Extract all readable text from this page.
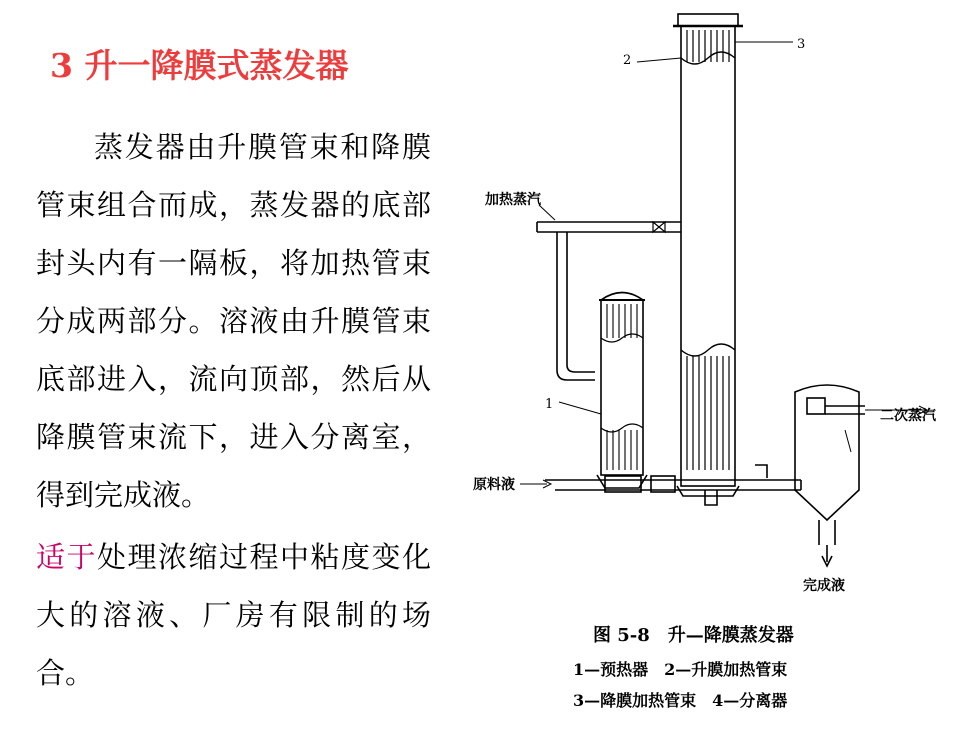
3 升一降膜式蒸发器

蒸发器由升膜管束和降膜管束组合而成，蒸发器的底部封头内有一隔板，将加热管束分成两部分。溶液由升膜管束底部进入，流向顶部，然后从降膜管束流下，进入分离室，得到完成液。

适于处理浓缩过程中粘度变化大的溶液、厂房有限制的场合。

2
3
1
加热蒸汽
二次蒸汽
原料液
完成液
图 5-8　升—降膜蒸发器
1—预热器　2—升膜加热管束
3—降膜加热管束　4—分离器
